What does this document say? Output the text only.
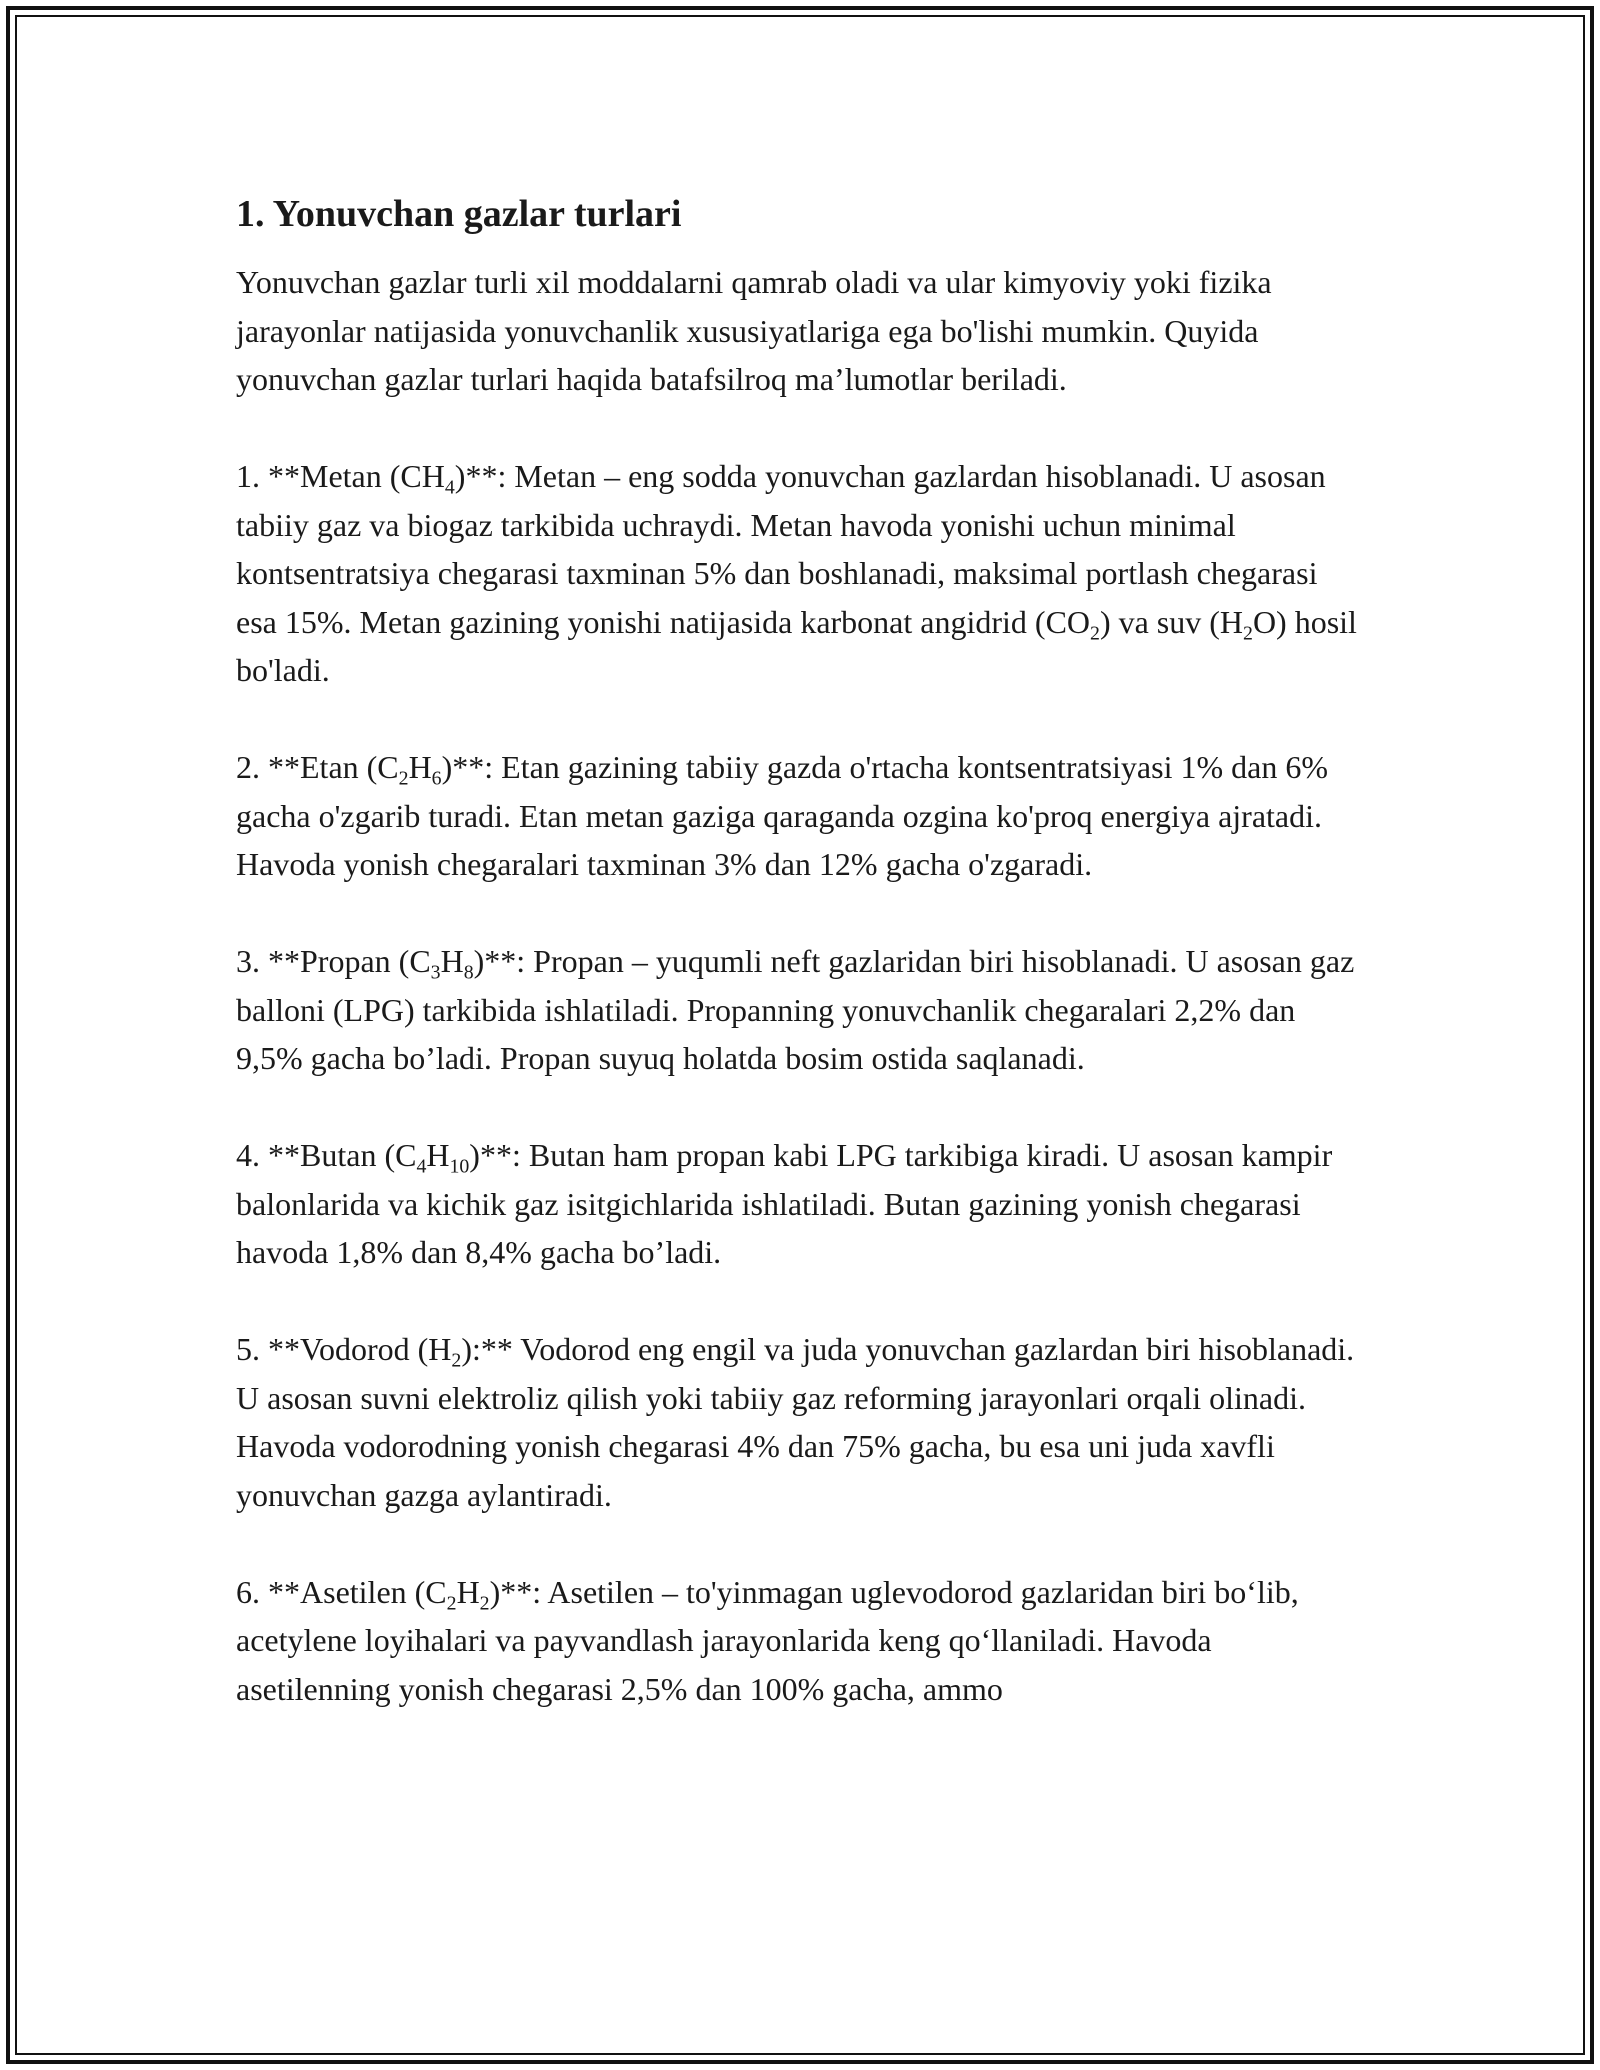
1. Yonuvchan gazlar turlari

Yonuvchan gazlar turli xil moddalarni qamrab oladi va ular kimyoviy yoki fizika jarayonlar natijasida yonuvchanlik xususiyatlariga ega bo'lishi mumkin. Quyida yonuvchan gazlar turlari haqida batafsilroq ma’lumotlar beriladi.

1. **Metan $(CH_4)**$: Metan – eng sodda yonuvchan gazlardan hisoblanadi. U asosan tabiiy gaz va biogaz tarkibida uchraydi. Metan havoda yonishi uchun minimal kontsentratsiya chegarasi taxminan 5% dan boshlanadi, maksimal portlash chegarasi esa 15%. Metan gazining yonishi natijasida karbonat angidrid $(CO_2)$ va suv $(H_2O)$ hosil bo'ladi.

2. **Etan $(C_2H_6)**$: Etan gazining tabiiy gazda o'rtacha kontsentratsiyasi 1% dan 6% gacha o'zgarib turadi. Etan metan gaziga qaraganda ozgina ko'proq energiya ajratadi. Havoda yonish chegaralari taxminan 3% dan 12% gacha o'zgaradi.

3. **Propan $(C_3H_8)**$: Propan – yuqumli neft gazlaridan biri hisoblanadi. U asosan gaz balloni (LPG) tarkibida ishlatiladi. Propanning yonuvchanlik chegaralari 2,2% dan 9,5% gacha bo’ladi. Propan suyuq holatda bosim ostida saqlanadi.

4. **Butan $(C_4H_{10})**$: Butan ham propan kabi LPG tarkibiga kiradi. U asosan kampir balonlarida va kichik gaz isitgichlarida ishlatiladi. Butan gazining yonish chegarasi havoda 1,8% dan 8,4% gacha bo’ladi.

5. **Vodorod $(H_2):**$ Vodorod eng engil va juda yonuvchan gazlardan biri hisoblanadi. U asosan suvni elektroliz qilish yoki tabiiy gaz reforming jarayonlari orqali olinadi. Havoda vodorodning yonish chegarasi 4% dan 75% gacha, bu esa uni juda xavfli yonuvchan gazga aylantiradi.

6. **Asetilen $(C_2H_2)**$: Asetilen – to'yinmagan uglevodorod gazlaridan biri bo‘lib, acetylene loyihalari va payvandlash jarayonlarida keng qo‘llaniladi. Havoda asetilenning yonish chegarasi 2,5% dan 100% gacha, ammo
